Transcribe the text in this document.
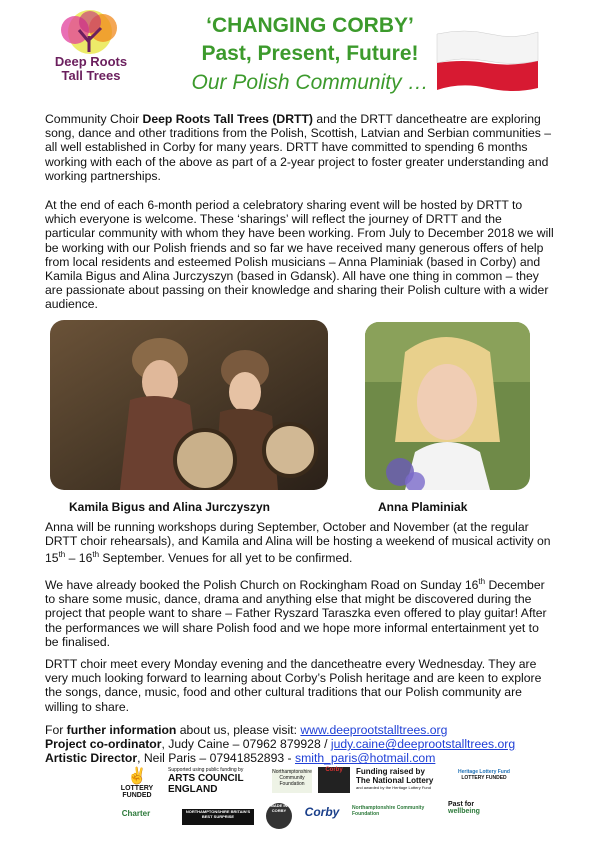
Deep Roots
Tall Trees
‘CHANGING CORBY’
Past, Present, Future!
Our Polish Community …
Community Choir Deep Roots Tall Trees (DRTT) and the DRTT dancetheatre are exploring song, dance and other traditions from the Polish, Scottish, Latvian and Serbian communities – all well established in Corby for many years. DRTT have committed to spending 6 months working with each of the above as part of a 2-year project to foster greater understanding and working partnerships.
At the end of each 6-month period a celebratory sharing event will be hosted by DRTT to which everyone is welcome. These ‘sharings’ will reflect the journey of DRTT and the particular community with whom they have been working. From July to December 2018 we will be working with our Polish friends and so far we have received many generous offers of help from local residents and esteemed Polish musicians – Anna Plaminiak (based in Corby) and Kamila Bigus and Alina Jurczyszyn (based in Gdansk). All have one thing in common – they are passionate about passing on their knowledge and sharing their Polish culture with a wider audience.
Kamila Bigus and Alina Jurczyszyn	Anna Plaminiak
Anna will be running workshops during September, October and November (at the regular DRTT choir rehearsals), and Kamila and Alina will be hosting a weekend of musical activity on 15th – 16th September. Venues for all yet to be confirmed.
We have already booked the Polish Church on Rockingham Road on Sunday 16th December to share some music, dance, drama and anything else that might be discovered during the project that people want to share – Father Ryszard Taraszka even offered to play guitar! After the performances we will share Polish food and we hope more informal entertainment yet to be finalised.
DRTT choir meet every Monday evening and the dancetheatre every Wednesday. They are very much looking forward to learning about Corby’s Polish heritage and are keen to explore the songs, dance, music, food and other cultural traditions that our Polish community are willing to share.
For further information about us, please visit: www.deeprootstalltrees.org
Project co-ordinator, Judy Caine – 07962 879928 / judy.caine@deeprootstalltrees.org
Artistic Director, Neil Paris – 07941852893 - smith_paris@hotmail.com
✌
LOTTERY FUNDED
Supported using public funding by
ARTS COUNCIL ENGLAND
Northamptonshire Community Foundation
Corby	Funding raised by
The National Lottery
and awarded by the Heritage Lottery Fund
Heritage Lottery Fund
LOTTERY FUNDED
Charter	NORTHAMPTONSHIRE BRITAIN'S BEST SURPRISE
MADE IN CORBY	Corby	Northamptonshire Community Foundation
Past for
wellbeing
